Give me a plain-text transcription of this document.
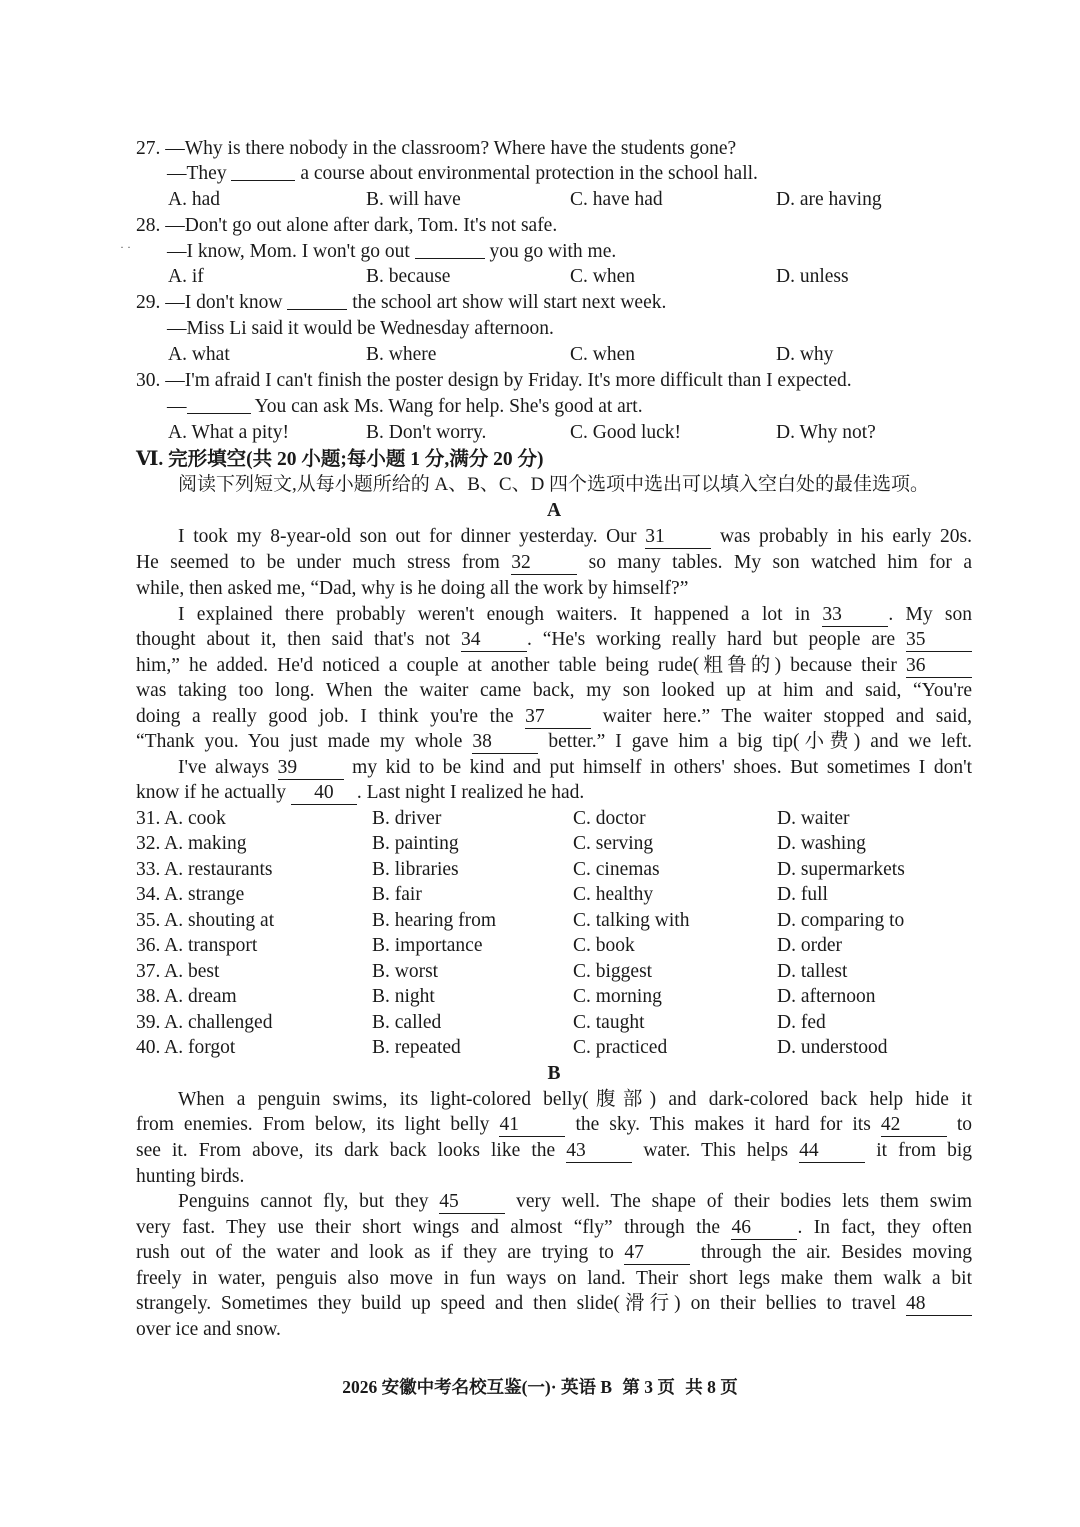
27. —Why is there nobody in the classroom? Where have the students gone?
—They	a course about environmental protection in the school hall.
A. had	B. will have	C. have had	D. are having
28. —Don't go out alone after dark, Tom. It's not safe.
· · —I know, Mom. I won't go out	you go with me.
A. if	B. because	C. when	D. unless
29. —I don't know	the school art show will start next week.
—Miss Li said it would be Wednesday afternoon.
A. what	B. where	C. when	D. why
30. —I'm afraid I can't finish the poster design by Friday. It's more difficult than I expected.
—	You can ask Ms. Wang for help. She's good at art.
A. What a pity!	B. Don't worry.	C. Good luck!	D. Why not?
Ⅵ. 完形填空(共 20 小题;每小题 1 分,满分 20 分)
阅读下列短文,从每小题所给的 A、B、C、D 四个选项中选出可以填入空白处的最佳选项。
A
I took my 8-year-old son out for dinner yesterday. Our 31	was probably in his early 20s.
He seemed to be under much stress from 32	so many tables. My son watched him for a
while, then asked me, “Dad, why is he doing all the work by himself?”
I explained there probably weren't enough waiters. It happened a lot in 33 . My son
thought about it, then said that's not 34 . “He's working really hard but people are 35
him,” he added. He'd noticed a couple at another table being rude(粗鲁的) because their 36
was taking too long. When the waiter came back, my son looked up at him and said, “You're
doing a really good job. I think you're the 37	waiter here.” The waiter stopped and said,
“Thank you. You just made my whole 38	better.” I gave him a big tip(小费) and we left.
I've always 39	my kid to be kind and put himself in others' shoes. But sometimes I don't
know if he actually 40 . Last night I realized he had.
31. A. cook	B. driver	C. doctor	D. waiter
32. A. making	B. painting	C. serving	D. washing
33. A. restaurants	B. libraries	C. cinemas	D. supermarkets
34. A. strange	B. fair	C. healthy	D. full
35. A. shouting at	B. hearing from	C. talking with	D. comparing to
36. A. transport	B. importance	C. book	D. order
37. A. best	B. worst	C. biggest	D. tallest
38. A. dream	B. night	C. morning	D. afternoon
39. A. challenged	B. called	C. taught	D. fed
40. A. forgot	B. repeated	C. practiced	D. understood
B
When a penguin swims, its light-colored belly(腹部) and dark-colored back help hide it
from enemies. From below, its light belly 41	the sky. This makes it hard for its 42	to
see it. From above, its dark back looks like the 43	water. This helps 44	it from big
hunting birds.
Penguins cannot fly, but they 45	very well. The shape of their bodies lets them swim
very fast. They use their short wings and almost “fly” through the 46 . In fact, they often
rush out of the water and look as if they are trying to 47	through the air. Besides moving
freely in water, penguis also move in fun ways on land. Their short legs make them walk a bit
strangely. Sometimes they build up speed and then slide(滑行) on their bellies to travel 48
over ice and snow.
2026 安徽中考名校互鉴(一)· 英语 B 第 3 页 共 8 页
